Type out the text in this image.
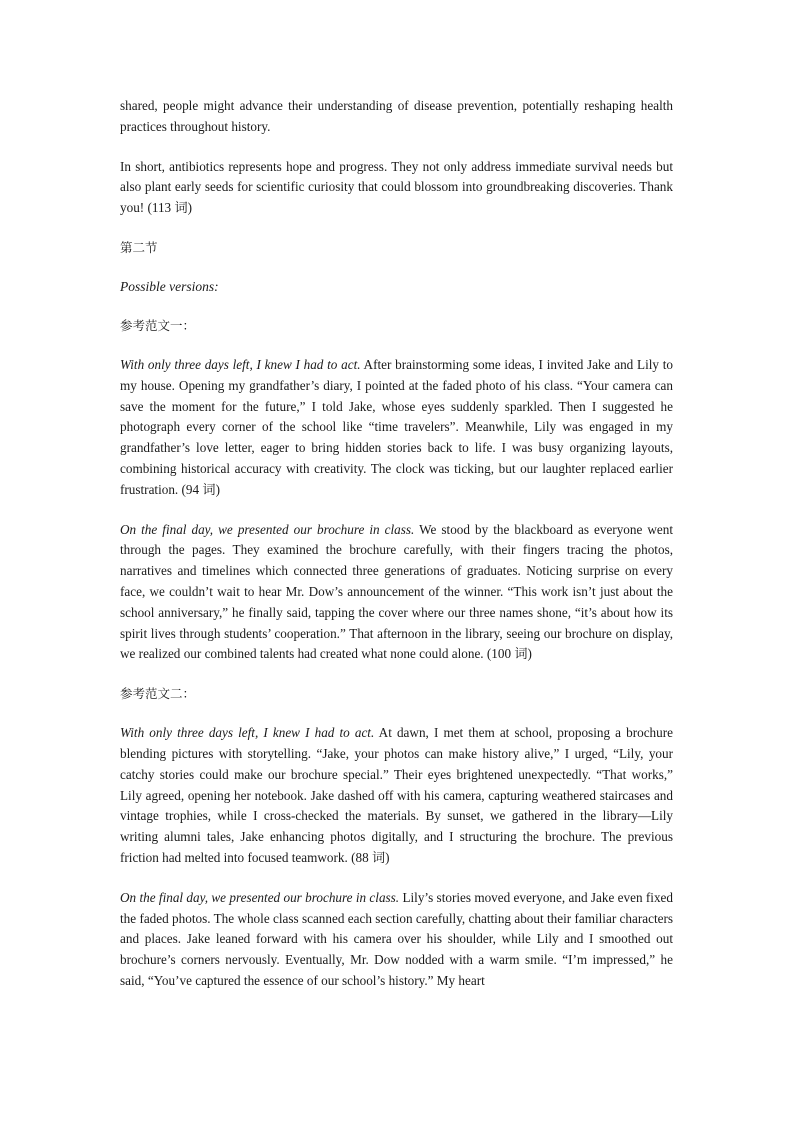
shared, people might advance their understanding of disease prevention, potentially reshaping health practices throughout history.

In short, antibiotics represents hope and progress. They not only address immediate survival needs but also plant early seeds for scientific curiosity that could blossom into groundbreaking discoveries. Thank you! (113 词)

第二节
Possible versions:
参考范文一：

With only three days left, I knew I had to act. After brainstorming some ideas, I invited Jake and Lily to my house. Opening my grandfather’s diary, I pointed at the faded photo of his class. “Your camera can save the moment for the future,” I told Jake, whose eyes suddenly sparkled. Then I suggested he photograph every corner of the school like “time travelers”. Meanwhile, Lily was engaged in my grandfather’s love letter, eager to bring hidden stories back to life. I was busy organizing layouts, combining historical accuracy with creativity. The clock was ticking, but our laughter replaced earlier frustration. (94 词)

On the final day, we presented our brochure in class. We stood by the blackboard as everyone went through the pages. They examined the brochure carefully, with their fingers tracing the photos, narratives and timelines which connected three generations of graduates. Noticing surprise on every face, we couldn’t wait to hear Mr. Dow’s announcement of the winner. “This work isn’t just about the school anniversary,” he finally said, tapping the cover where our three names shone, “it’s about how its spirit lives through students’ cooperation.” That afternoon in the library, seeing our brochure on display, we realized our combined talents had created what none could alone. (100 词)

参考范文二：

With only three days left, I knew I had to act. At dawn, I met them at school, proposing a brochure blending pictures with storytelling. “Jake, your photos can make history alive,” I urged, “Lily, your catchy stories could make our brochure special.” Their eyes brightened unexpectedly. “That works,” Lily agreed, opening her notebook. Jake dashed off with his camera, capturing weathered staircases and vintage trophies, while I cross-checked the materials. By sunset, we gathered in the library—Lily writing alumni tales, Jake enhancing photos digitally, and I structuring the brochure. The previous friction had melted into focused teamwork. (88 词)

On the final day, we presented our brochure in class. Lily’s stories moved everyone, and Jake even fixed the faded photos. The whole class scanned each section carefully, chatting about their familiar characters and places. Jake leaned forward with his camera over his shoulder, while Lily and I smoothed out brochure’s corners nervously. Eventually, Mr. Dow nodded with a warm smile. “I’m impressed,” he said, “You’ve captured the essence of our school’s history.” My heart
